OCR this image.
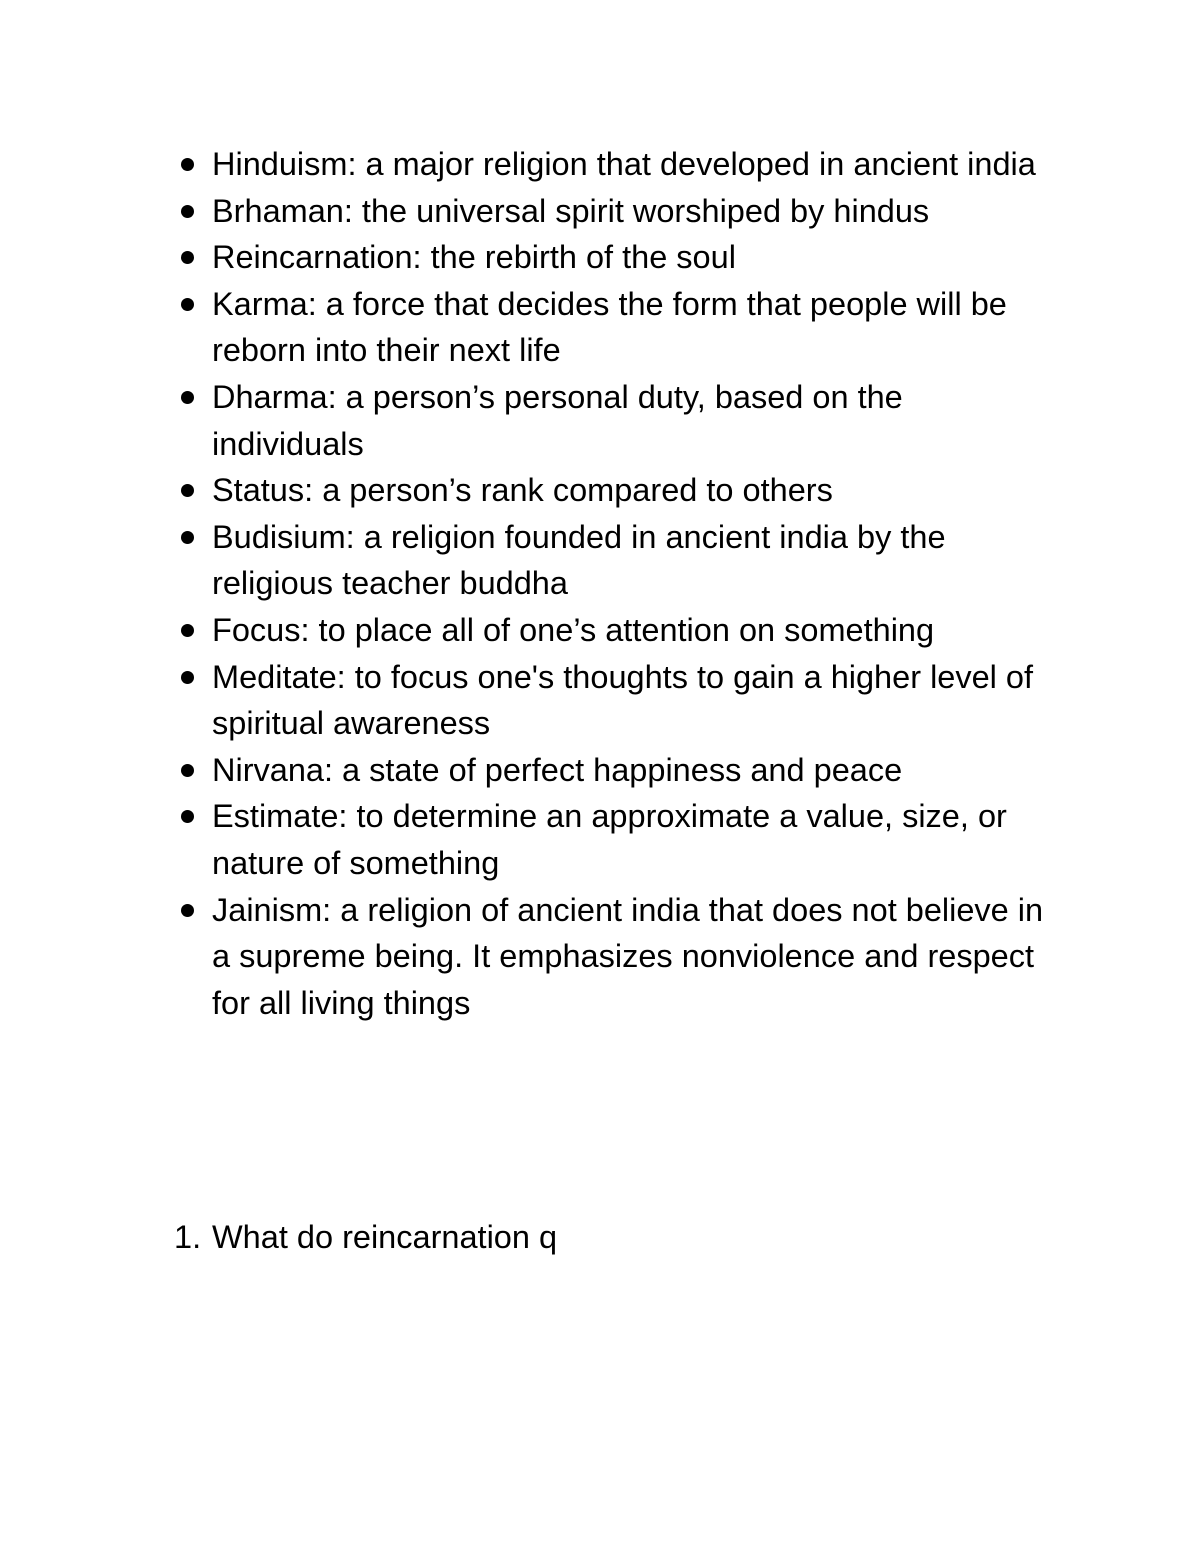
Hinduism: a major religion that developed in ancient india
Brhaman: the universal spirit worshiped by hindus
Reincarnation: the rebirth of the soul
Karma: a force that decides the form that people will be reborn into their next life
Dharma: a person’s personal duty, based on the individuals
Status: a person’s rank compared to others
Budisium: a religion founded in ancient india by the religious teacher buddha
Focus: to place all of one’s attention on something
Meditate: to focus one's thoughts to gain a higher level of spiritual awareness
Nirvana: a state of perfect happiness and peace
Estimate: to determine an approximate a value, size, or nature of something
Jainism: a religion of ancient india that does not believe in a supreme being. It emphasizes nonviolence and respect for all living things
1. What do reincarnation q
